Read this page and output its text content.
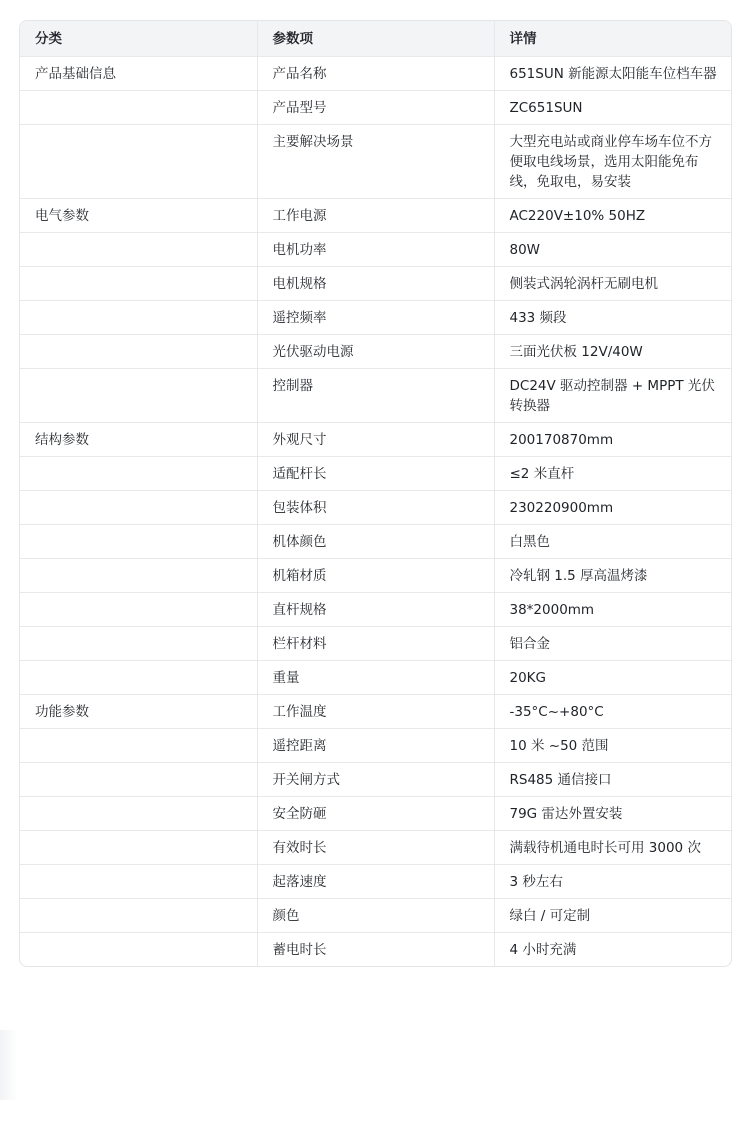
分类	参数项	详情
产品基础信息	产品名称	651SUN 新能源太阳能车位档车器
	产品型号	ZC651SUN
	主要解决场景	大型充电站或商业停车场车位不方便取电线场景，选用太阳能免布线，免取电，易安装
电气参数	工作电源	AC220V±10% 50HZ
	电机功率	80W
	电机规格	侧装式涡轮涡杆无刷电机
	遥控频率	433 频段
	光伏驱动电源	三面光伏板 12V/40W
	控制器	DC24V 驱动控制器 + MPPT 光伏转换器
结构参数	外观尺寸	200170870mm
	适配杆长	≤2 米直杆
	包装体积	230220900mm
	机体颜色	白黑色
	机箱材质	冷轧钢 1.5 厚高温烤漆
	直杆规格	38*2000mm
	栏杆材料	铝合金
	重量	20KG
功能参数	工作温度	-35°C~+80°C
	遥控距离	10 米 ~50 范围
	开关闸方式	RS485 通信接口
	安全防砸	79G 雷达外置安装
	有效时长	满载待机通电时长可用 3000 次
	起落速度	3 秒左右
	颜色	绿白 / 可定制
	蓄电时长	4 小时充满
